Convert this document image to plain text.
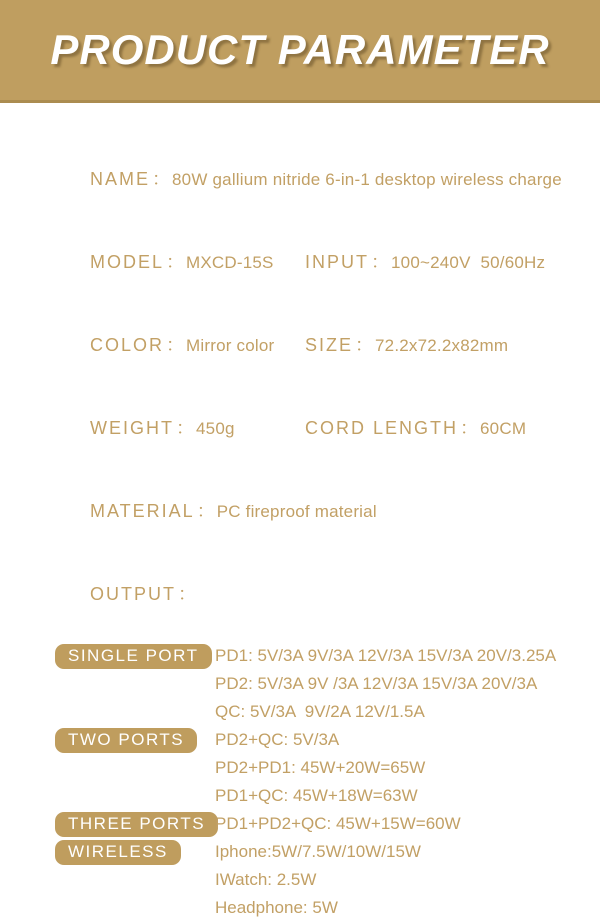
PRODUCT PARAMETER

NAME ： 80W gallium nitride 6-in-1 desktop wireless charge

MODEL ： MXCD-15S
	INPUT ： 100~240V  50/60Hz

COLOR ： Mirror color
	SIZE ： 72.2x72.2x82mm

WEIGHT ： 450g
	CORD LENGTH ： 60CM

MATERIAL ： PC fireproof material

OUTPUT ：

SINGLE PORT PD1: 5V/3A 9V/3A 12V/3A 15V/3A 20V/3.25A
PD2: 5V/3A 9V /3A 12V/3A 15V/3A 20V/3A
QC: 5V/3A  9V/2A 12V/1.5A
TWO PORTS	PD2+QC: 5V/3A
PD2+PD1: 45W+20W=65W
PD1+QC: 45W+18W=63W
THREE PORTS PD1+PD2+QC: 45W+15W=60W
WIRELESS	Iphone:5W/7.5W/10W/15W
IWatch: 2.5W
Headphone: 5W
